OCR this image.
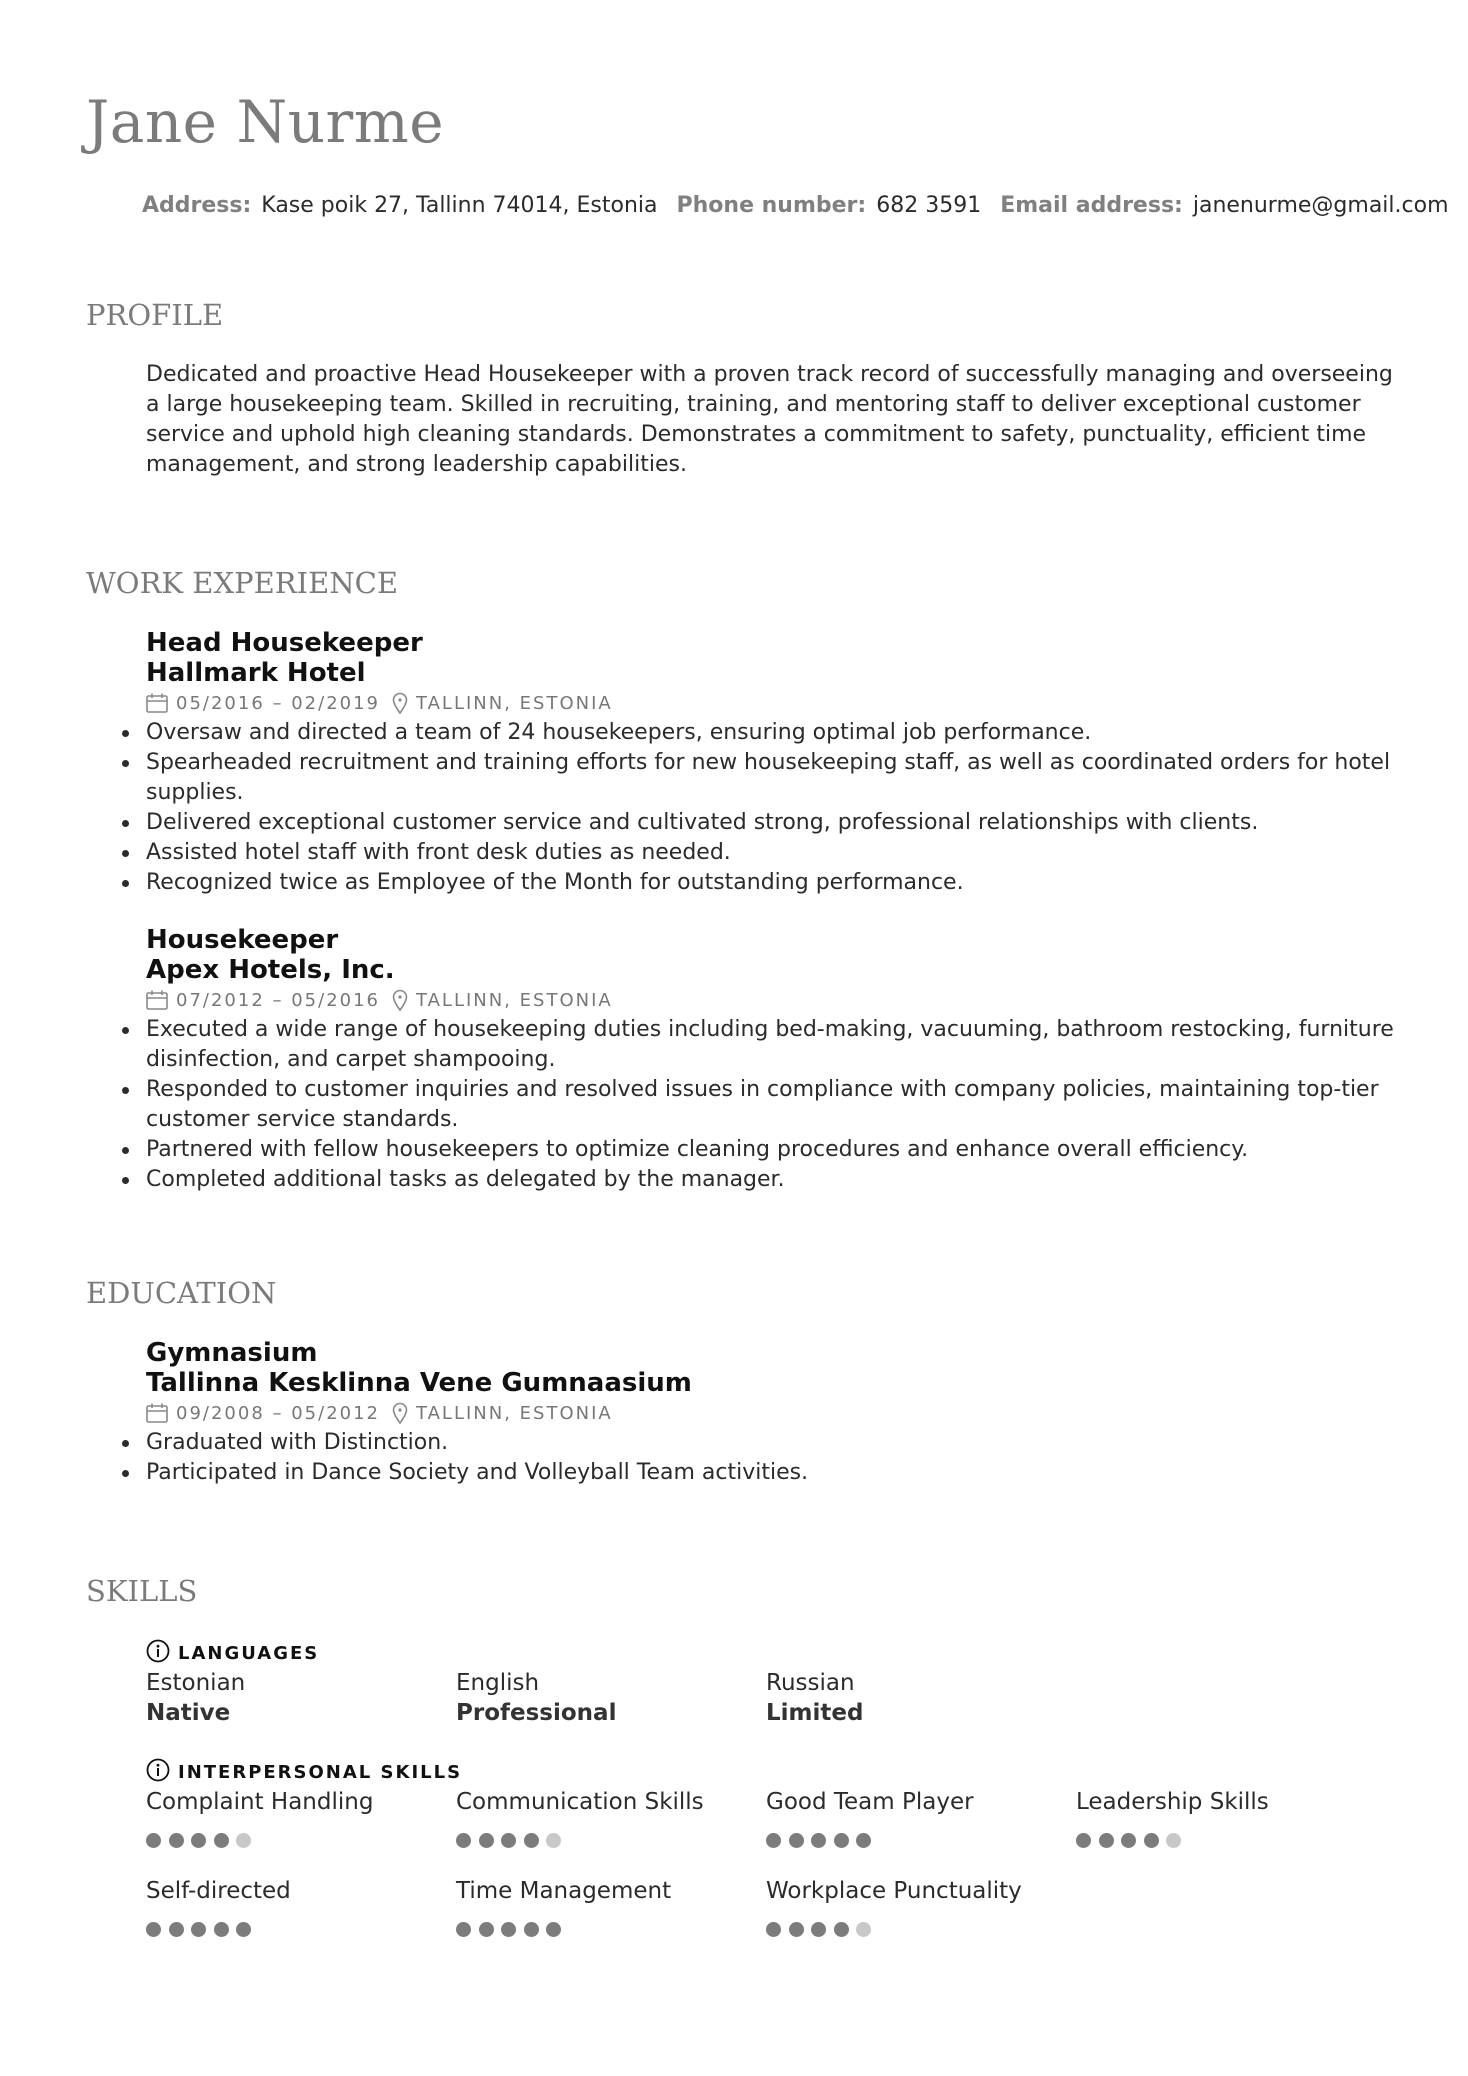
Jane Nurme
Address: Kase poik 27, Tallinn 74014, Estonia Phone number: 682 3591 Email address: janenurme@gmail.com
PROFILE

Dedicated and proactive Head Housekeeper with a proven track record of successfully managing and overseeing a large housekeeping team. Skilled in recruiting, training, and mentoring staff to deliver exceptional customer service and uphold high cleaning standards. Demonstrates a commitment to safety, punctuality, efficient time management, and strong leadership capabilities.

WORK EXPERIENCE

Head Housekeeper

Hallmark Hotel

05/2016 – 02/2019 TALLINN, ESTONIA
Oversaw and directed a team of 24 housekeepers, ensuring optimal job performance.
Spearheaded recruitment and training efforts for new housekeeping staff, as well as coordinated orders for hotel supplies.
Delivered exceptional customer service and cultivated strong, professional relationships with clients.
Assisted hotel staff with front desk duties as needed.
Recognized twice as Employee of the Month for outstanding performance.

Housekeeper

Apex Hotels, Inc.

07/2012 – 05/2016 TALLINN, ESTONIA
Executed a wide range of housekeeping duties including bed-making, vacuuming, bathroom restocking, furniture disinfection, and carpet shampooing.
Responded to customer inquiries and resolved issues in compliance with company policies, maintaining top-tier customer service standards.
Partnered with fellow housekeepers to optimize cleaning procedures and enhance overall efficiency.
Completed additional tasks as delegated by the manager.
EDUCATION

Gymnasium

Tallinna Kesklinna Vene Gumnaasium

09/2008 – 05/2012 TALLINN, ESTONIA
Graduated with Distinction.
Participated in Dance Society and Volleyball Team activities.
SKILLS
LANGUAGES
Estonian
Native
English
Professional
Russian
Limited
INTERPERSONAL SKILLS
Complaint Handling	Communication Skills	Good Team Player	Leadership Skills
Self-directed	Time Management	Workplace Punctuality
